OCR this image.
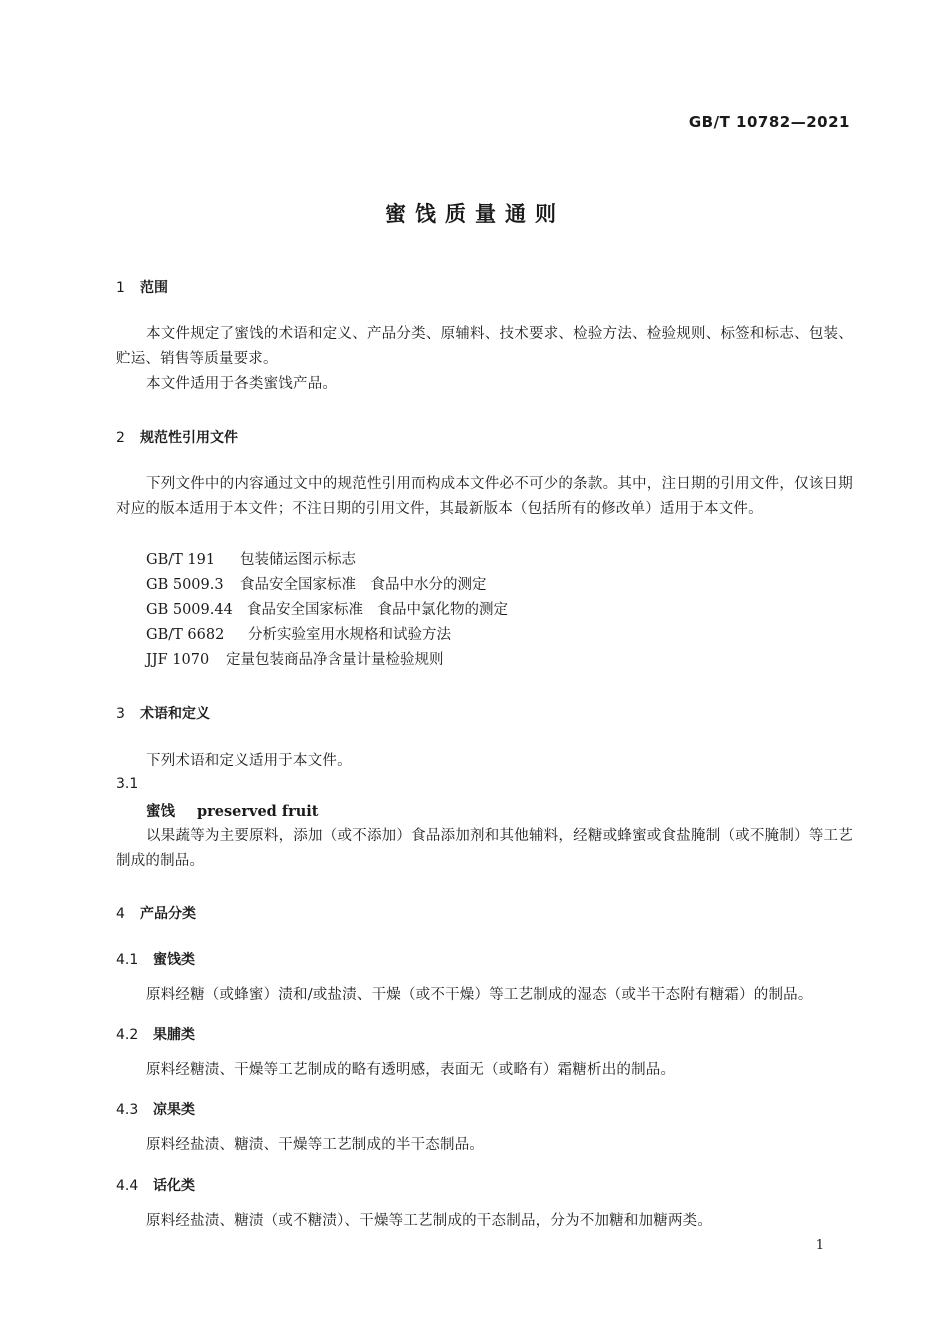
GB/T 10782—2021
蜜饯质量通则
1 范围

本文件规定了蜜饯的术语和定义、产品分类、原辅料、技术要求、检验方法、检验规则、标签和标志、包装、贮运、销售等质量要求。

本文件适用于各类蜜饯产品。

2 规范性引用文件

下列文件中的内容通过文中的规范性引用而构成本文件必不可少的条款。其中，注日期的引用文件，仅该日期对应的版本适用于本文件；不注日期的引用文件，其最新版本（包括所有的修改单）适用于本文件。

GB/T 191 包装储运图示标志
GB 5009.3 食品安全国家标准　食品中水分的测定
GB 5009.44 食品安全国家标准　食品中氯化物的测定
GB/T 6682 分析实验室用水规格和试验方法
JJF 1070 定量包装商品净含量计量检验规则
3 术语和定义

下列术语和定义适用于本文件。

3.1
蜜饯 preserved fruit

以果蔬等为主要原料，添加（或不添加）食品添加剂和其他辅料，经糖或蜂蜜或食盐腌制（或不腌制）等工艺制成的制品。

4 产品分类
4.1 蜜饯类

原料经糖（或蜂蜜）渍和/或盐渍、干燥（或不干燥）等工艺制成的湿态（或半干态附有糖霜）的制品。

4.2 果脯类

原料经糖渍、干燥等工艺制成的略有透明感，表面无（或略有）霜糖析出的制品。

4.3 凉果类

原料经盐渍、糖渍、干燥等工艺制成的半干态制品。

4.4 话化类

原料经盐渍、糖渍（或不糖渍）、干燥等工艺制成的干态制品，分为不加糖和加糖两类。

1
